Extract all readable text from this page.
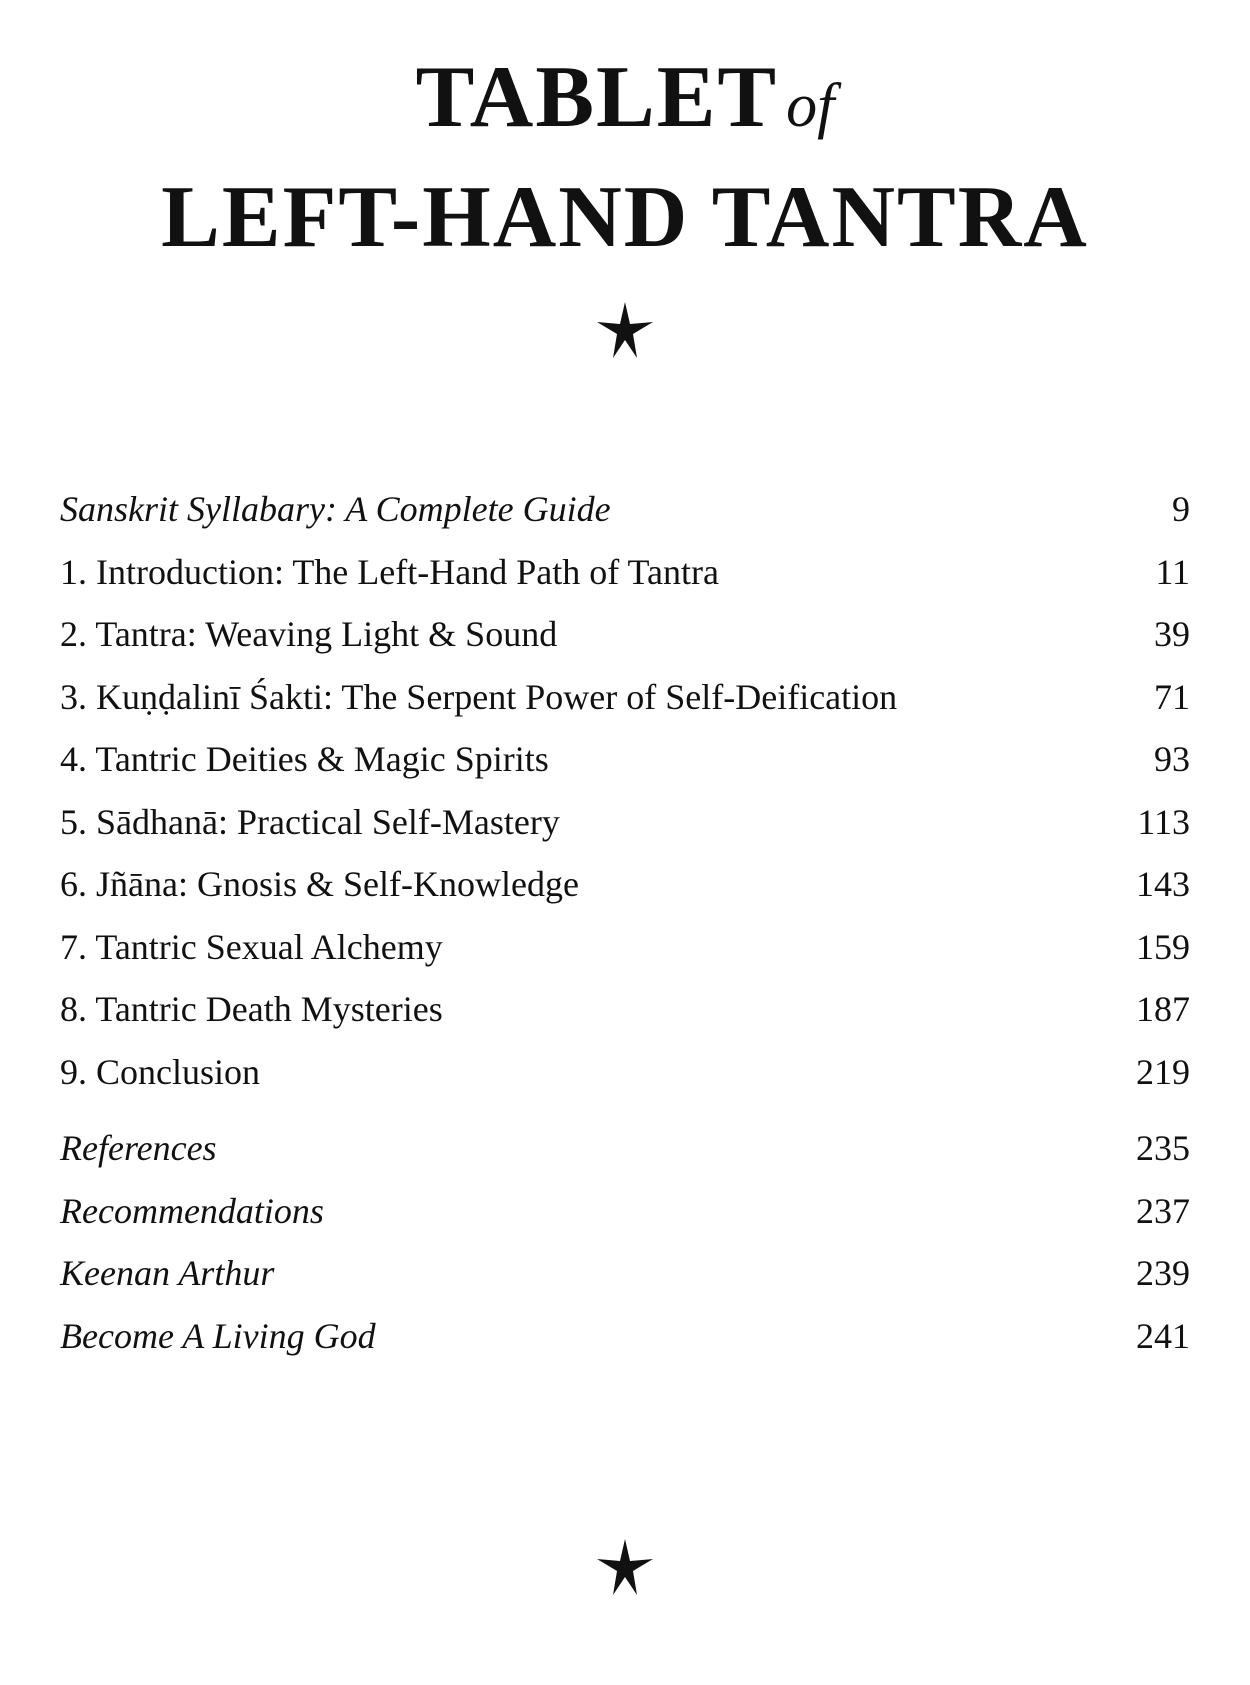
TABLET of
LEFT-HAND TANTRA
Sanskrit Syllabary: A Complete Guide	9
1. Introduction: The Left-Hand Path of Tantra	11
2. Tantra: Weaving Light & Sound	39
3. Kuṇḍalinī Śakti: The Serpent Power of Self-Deification	71
4. Tantric Deities & Magic Spirits	93
5. Sādhanā: Practical Self-Mastery	113
6. Jñāna: Gnosis & Self-Knowledge	143
7. Tantric Sexual Alchemy	159
8. Tantric Death Mysteries	187
9. Conclusion	219
References	235
Recommendations	237
Keenan Arthur	239
Become A Living God	241
